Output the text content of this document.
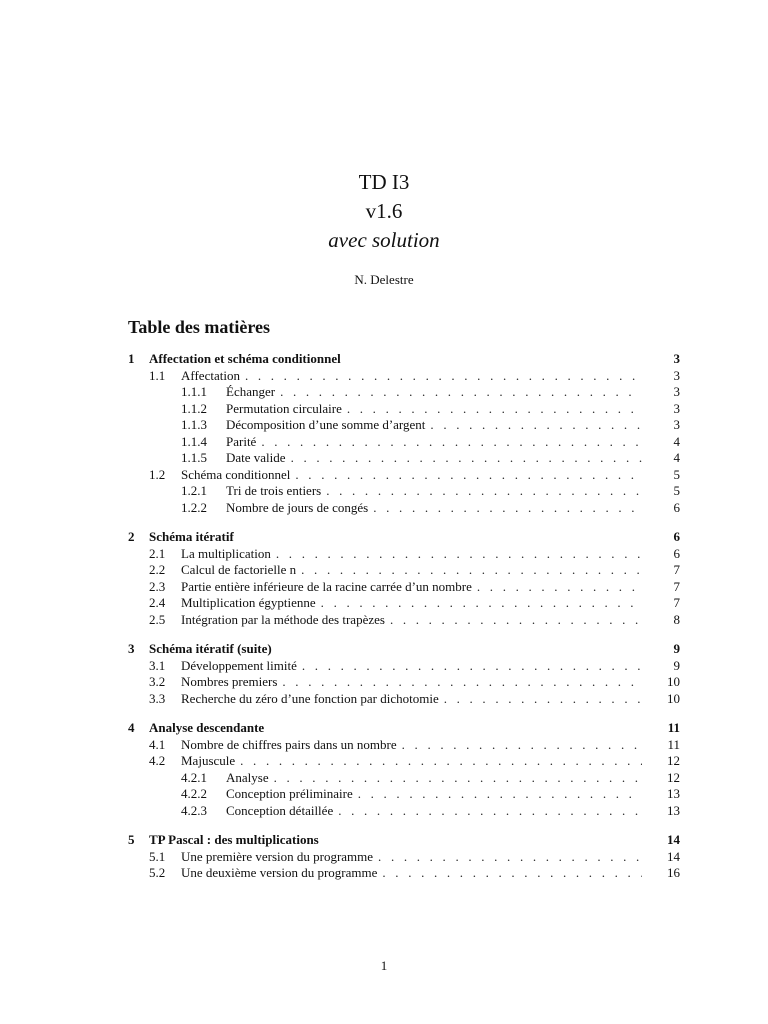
TD I3
v1.6
avec solution
N. Delestre
Table des matières
1	Affectation et schéma conditionnel	3
1.1	Affectation . . .	3
1.1.1	Échanger . . .	3
1.1.2	Permutation circulaire . . .	3
1.1.3	Décomposition d’une somme d’argent . . .	3
1.1.4	Parité . . .	4
1.1.5	Date valide . . .	4
1.2	Schéma conditionnel . . .	5
1.2.1	Tri de trois entiers . . .	5
1.2.2	Nombre de jours de congés . . .	6
2	Schéma itératif	6
2.1	La multiplication . . .	6
2.2	Calcul de factorielle n . . .	7
2.3	Partie entière inférieure de la racine carrée d’un nombre . . .	7
2.4	Multiplication égyptienne . . .	7
2.5	Intégration par la méthode des trapèzes . . .	8
3	Schéma itératif (suite)	9
3.1	Développement limité . . .	9
3.2	Nombres premiers . . .	10
3.3	Recherche du zéro d’une fonction par dichotomie . . .	10
4	Analyse descendante	11
4.1	Nombre de chiffres pairs dans un nombre . . .	11
4.2	Majuscule . . .	12
4.2.1	Analyse . . .	12
4.2.2	Conception préliminaire . . .	13
4.2.3	Conception détaillée . . .	13
5	TP Pascal : des multiplications	14
5.1	Une première version du programme . . .	14
5.2	Une deuxième version du programme . . .	16
1
